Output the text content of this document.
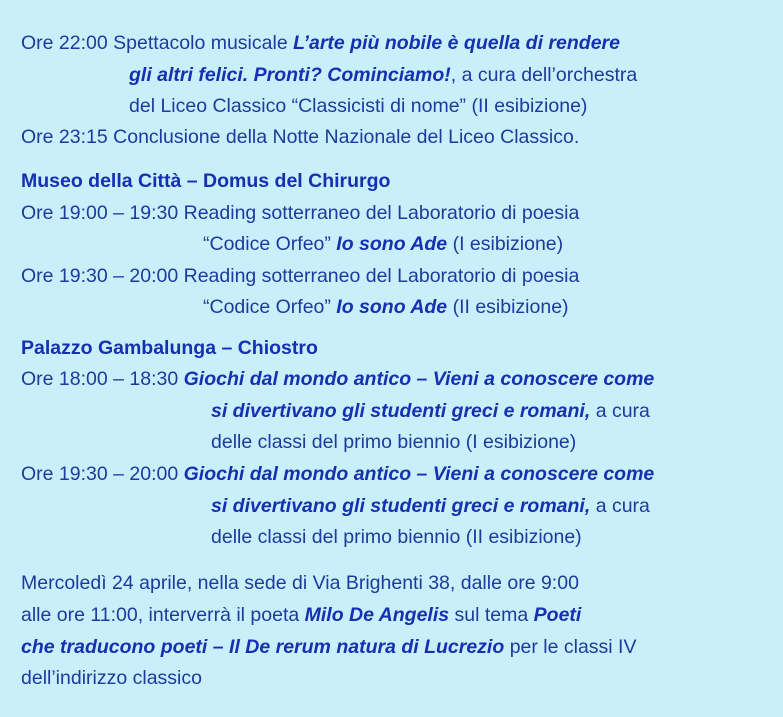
Ore 22:00 Spettacolo musicale L’arte più nobile è quella di rendere
gli altri felici. Pronti? Cominciamo!, a cura dell’orchestra
del Liceo Classico “Classicisti di nome” (II esibizione)
Ore 23:15 Conclusione della Notte Nazionale del Liceo Classico.
Museo della Città – Domus del Chirurgo
Ore 19:00 – 19:30 Reading sotterraneo del Laboratorio di poesia
“Codice Orfeo” Io sono Ade (I esibizione)
Ore 19:30 – 20:00 Reading sotterraneo del Laboratorio di poesia
“Codice Orfeo” Io sono Ade (II esibizione)
Palazzo Gambalunga – Chiostro
Ore 18:00 – 18:30 Giochi dal mondo antico – Vieni a conoscere come
si divertivano gli studenti greci e romani, a cura
delle classi del primo biennio (I esibizione)
Ore 19:30 – 20:00 Giochi dal mondo antico – Vieni a conoscere come
si divertivano gli studenti greci e romani, a cura
delle classi del primo biennio (II esibizione)
Mercoledì 24 aprile, nella sede di Via Brighenti 38, dalle ore 9:00
alle ore 11:00, interverrà il poeta Milo De Angelis sul tema Poeti
che traducono poeti – Il De rerum natura di Lucrezio per le classi IV
dell’indirizzo classico
